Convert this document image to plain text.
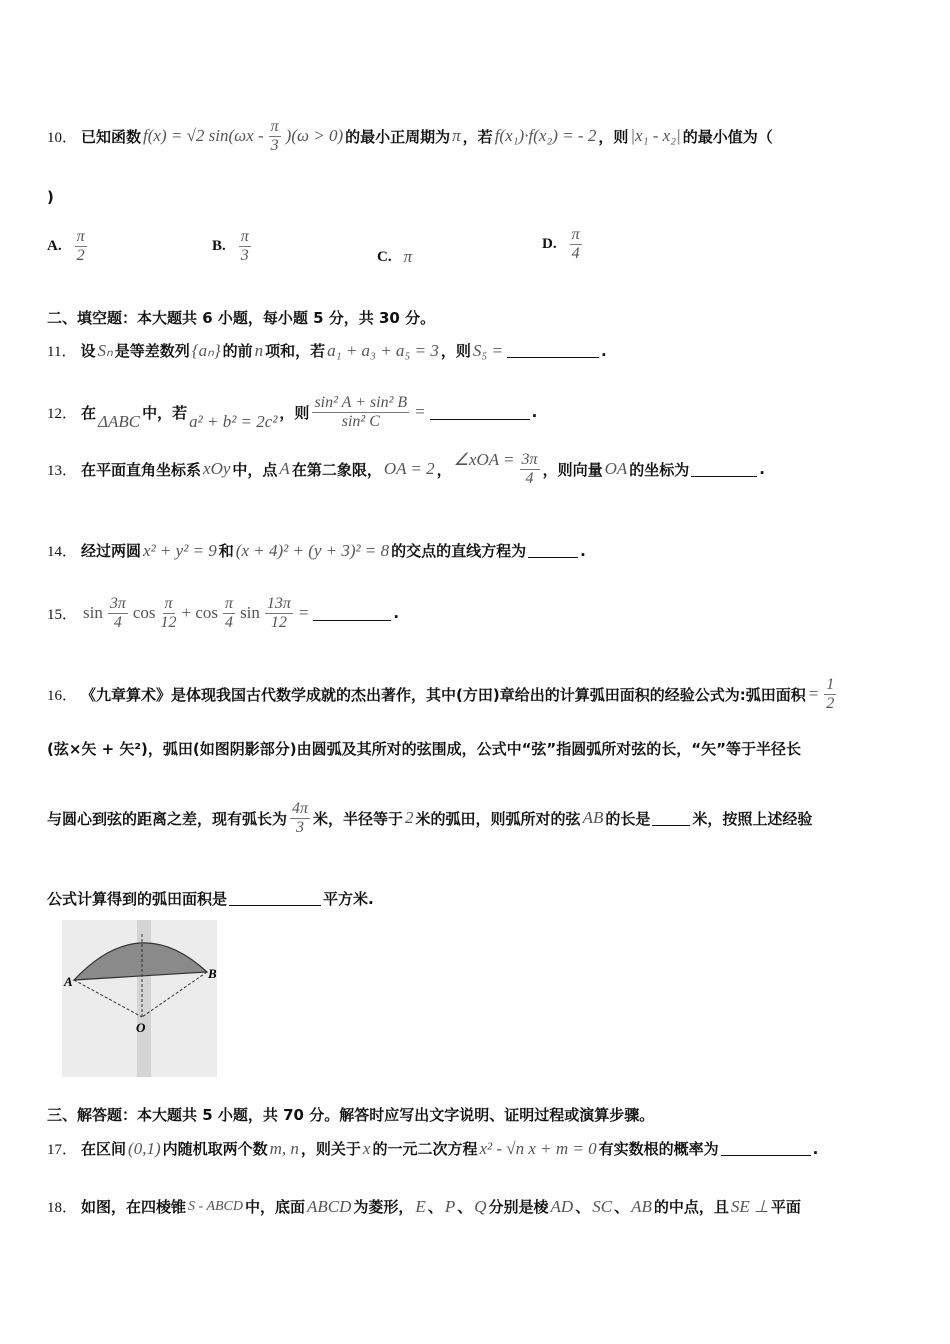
10． 已知函数 f(x) = √2 $\sin(\omega x - \frac{\pi}{3} )(\omega > 0)$ 的最小正周期为 π ，若 f(x₁)·f(x₂) = - 2 ，则 |x₁ - x₂| 的最小值为（
)
A. $\frac{\pi}{2}$	B. $\frac{\pi}{3}$	C. π
D. $\frac{\pi}{4}$
二、填空题：本大题共 6 小题，每小题 5 分，共 30 分。
11． 设 Sₙ 是等差数列 {aₙ} 的前 n 项和，若 a₁ + a₃ + a₅ = 3 ，则 S₅ =	.
12． 在 ΔABC 中，若 a² + b² = 2c² ，则 $\frac{\text{sin² A + sin² B}}{\text{sin² C}}$ =	.
13． 在平面直角坐标系 xOy 中，点 A 在第二象限， OA = 2 ，
∠xOA = $\frac{3\pi}{4}$ ，则向量 OA 的坐标为	.
14． 经过两圆 x² + y² = 9 和 (x + 4)² + (y + 3)² = 8 的交点的直线方程为	.
15． $\sin \frac{3\pi}{4}$ $\cos \frac{\pi}{12} + \cos \frac{\pi}{4}$ $\sin \frac{13\pi}{12}$ =	.
16． 《九章算术》是体现我国古代数学成就的杰出著作，其中(方田)章给出的计算弧田面积的经验公式为:弧田面积 = $\frac{1}{2}$
(弦×矢 + 矢²)，弧田(如图阴影部分)由圆弧及其所对的弦围成，公式中“弦”指圆弧所对弦的长，“矢”等于半径长
与圆心到弦的距离之差，现有弧长为 $\frac{4\pi}{3}$ 米，半径等于 2 米的弧田，则弧所对的弦 AB 的长是	米，按照上述经验
公式计算得到的弧田面积是	平方米.
A
B
O
三、解答题：本大题共 5 小题，共 70 分。解答时应写出文字说明、证明过程或演算步骤。
17． 在区间 (0,1) 内随机取两个数 m, n ，则关于 x 的一元二次方程 x² - √n x + m = 0 有实数根的概率为	.
18． 如图，在四棱锥 S - ABCD 中，底面 ABCD 为菱形， E 、 P 、 Q 分别是棱 AD 、 SC 、 AB 的中点，且 SE ⊥ 平面
